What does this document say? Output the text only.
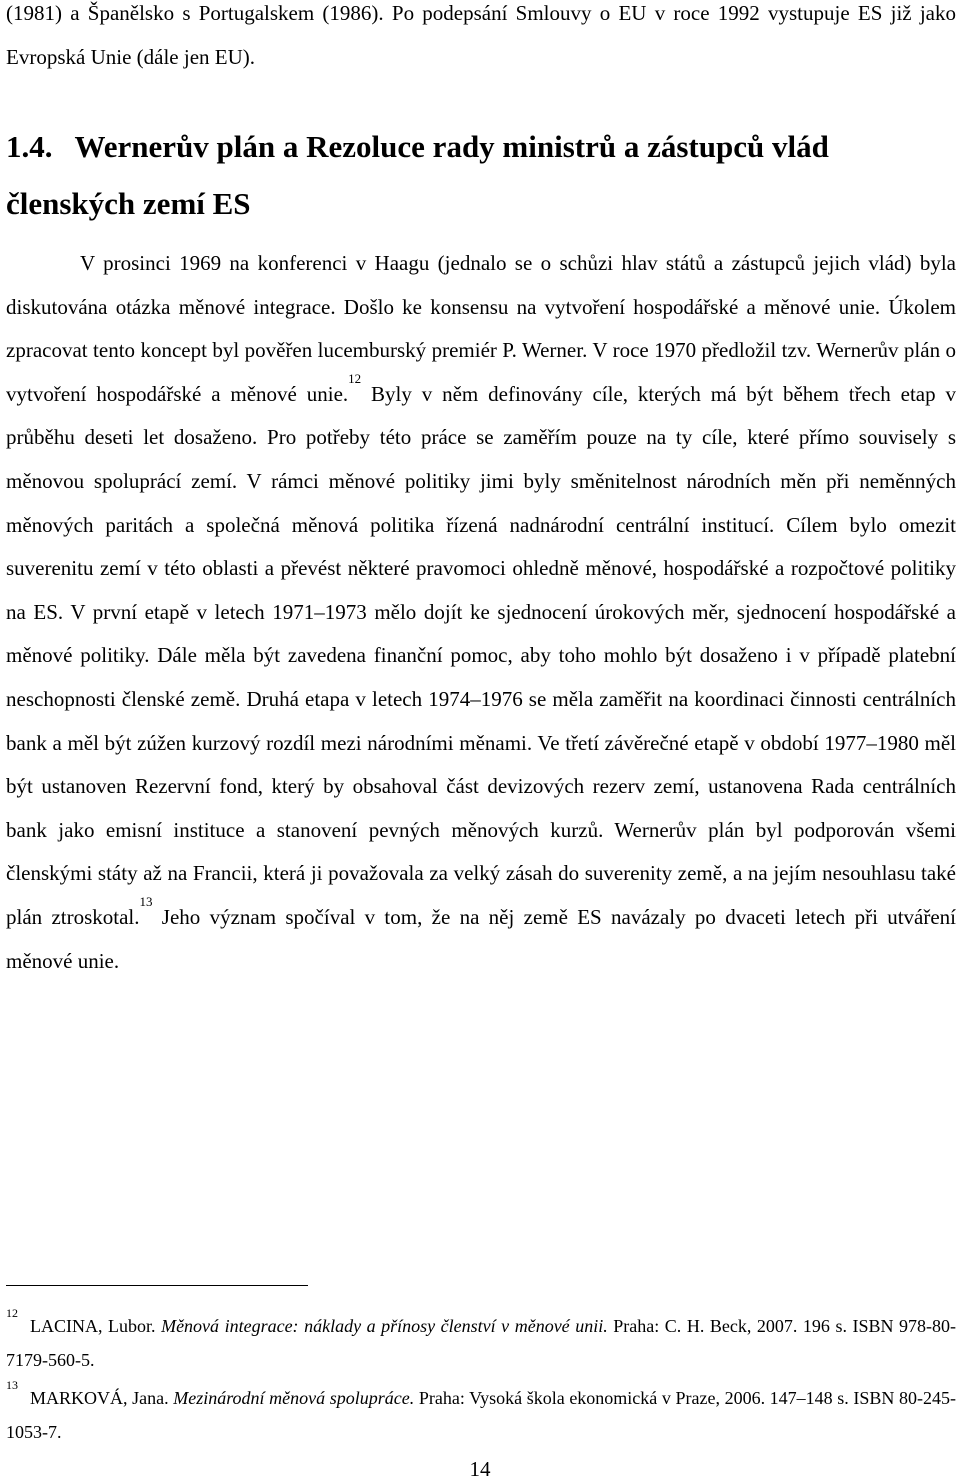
(1981) a Španělsko s Portugalskem (1986). Po podepsání Smlouvy o EU v roce 1992 vystupuje ES již jako Evropská Unie (dále jen EU).

1.4. Wernerův plán a Rezoluce rady ministrů a zástupců vlád členských zemí ES

V prosinci 1969 na konferenci v Haagu (jednalo se o schůzi hlav států a zástupců jejich vlád) byla diskutována otázka měnové integrace. Došlo ke konsensu na vytvoření hospodářské a měnové unie. Úkolem zpracovat tento koncept byl pověřen lucemburský premiér P. Werner. V roce 1970 předložil tzv. Wernerův plán o vytvoření hospodářské a měnové unie.$^{12}$ Byly v něm definovány cíle, kterých má být během třech etap v průběhu deseti let dosaženo. Pro potřeby této práce se zaměřím pouze na ty cíle, které přímo souvisely s měnovou spoluprácí zemí. V rámci měnové politiky jimi byly směnitelnost národních měn při neměnných měnových paritách a společná měnová politika řízená nadnárodní centrální institucí. Cílem bylo omezit suverenitu zemí v této oblasti a převést některé pravomoci ohledně měnové, hospodářské a rozpočtové politiky na ES. V první etapě v letech 1971–1973 mělo dojít ke sjednocení úrokových měr, sjednocení hospodářské a měnové politiky. Dále měla být zavedena finanční pomoc, aby toho mohlo být dosaženo i v případě platební neschopnosti členské země. Druhá etapa v letech 1974–1976 se měla zaměřit na koordinaci činnosti centrálních bank a měl být zúžen kurzový rozdíl mezi národními měnami. Ve třetí závěrečné etapě v období 1977–1980 měl být ustanoven Rezervní fond, který by obsahoval část devizových rezerv zemí, ustanovena Rada centrálních bank jako emisní instituce a stanovení pevných měnových kurzů. Wernerův plán byl podporován všemi členskými státy až na Francii, která ji považovala za velký zásah do suverenity země, a na jejím nesouhlasu také plán ztroskotal.$^{13}$ Jeho význam spočíval v tom, že na něj země ES navázaly po dvaceti letech při utváření měnové unie.

$^{12}$LACINA, Lubor. Měnová integrace: náklady a přínosy členství v měnové unii. Praha: C. H. Beck, 2007. 196 s. ISBN 978-80-7179-560-5.

$^{13}$MARKOVÁ, Jana. Mezinárodní měnová spolupráce. Praha: Vysoká škola ekonomická v Praze, 2006. 147–148 s. ISBN 80-245-1053-7.

14
